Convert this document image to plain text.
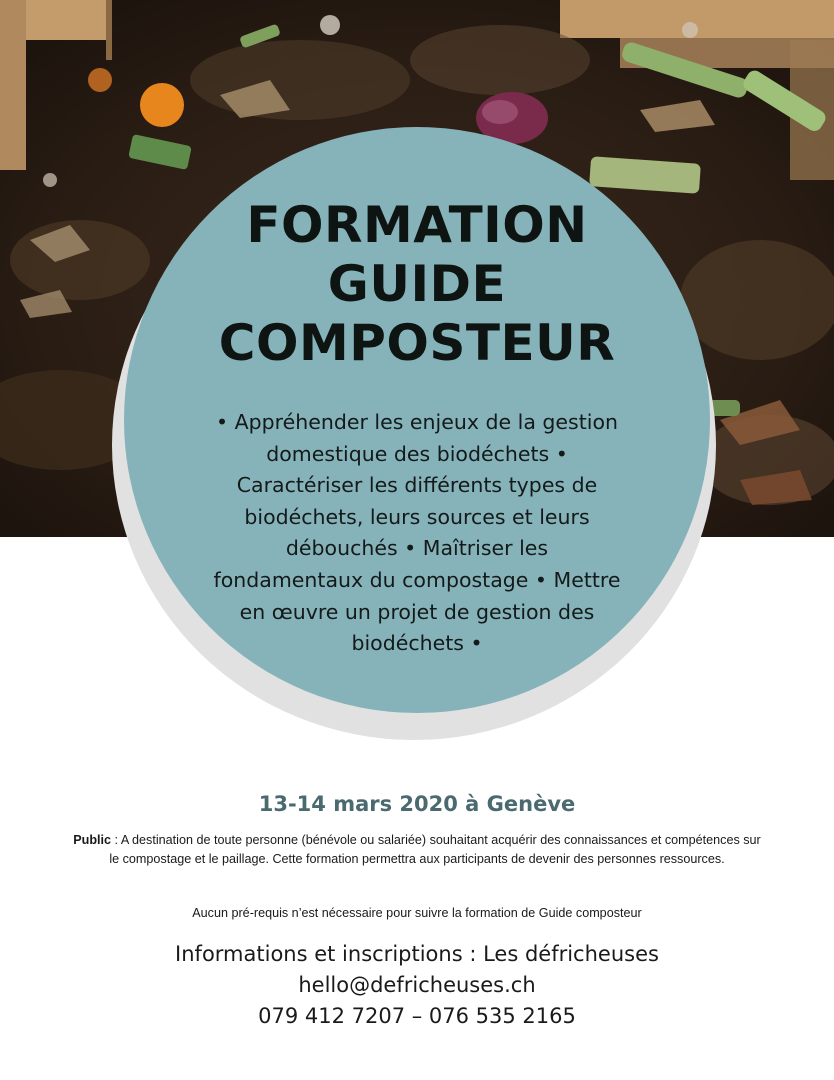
FORMATION
GUIDE
COMPOSTEUR
• Appréhender les enjeux de la gestion domestique des biodéchets • Caractériser les différents types de biodéchets, leurs sources et leurs débouchés • Maîtriser les fondamentaux du compostage • Mettre en œuvre un projet de gestion des biodéchets •
13-14 mars 2020 à Genève
Public : A destination de toute personne (bénévole ou salariée) souhaitant acquérir des connaissances et compétences sur le compostage et le paillage. Cette formation permettra aux participants de devenir des personnes ressources.
Aucun pré-requis n’est nécessaire pour suivre la formation de Guide composteur
Informations et inscriptions : Les défricheuses
hello@defricheuses.ch
079 412 7207 – 076 535 2165
